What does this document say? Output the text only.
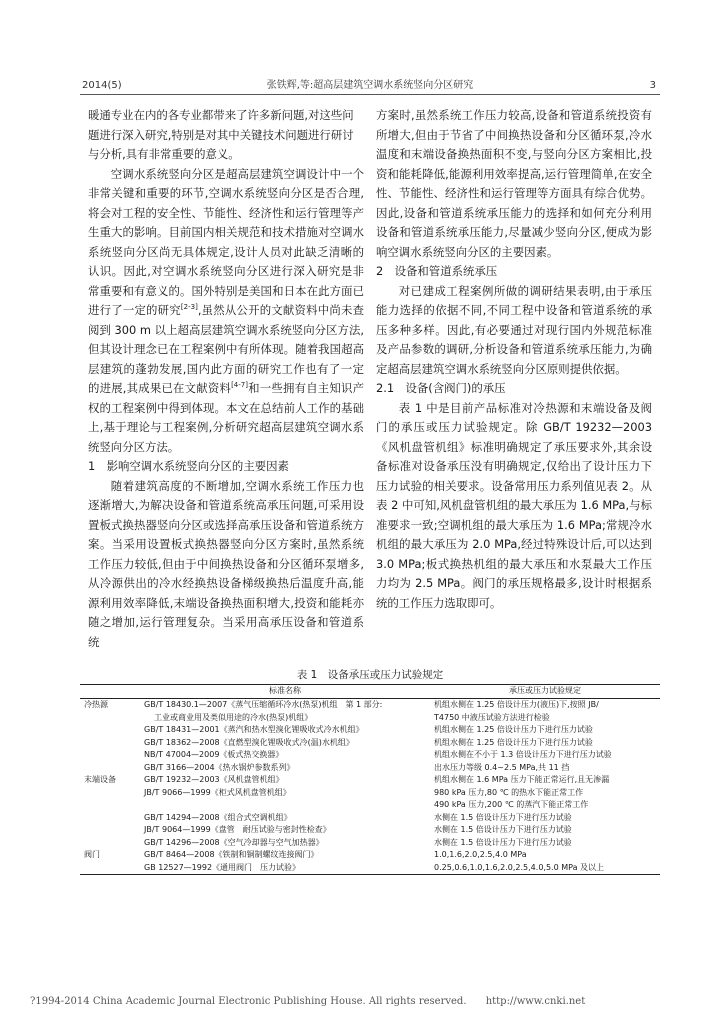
2014(5)	张铁辉,等:超高层建筑空调水系统竖向分区研究	3

暖通专业在内的各专业都带来了许多新问题,对这些问题进行深入研究,特别是对其中关键技术问题进行研讨与分析,具有非常重要的意义。

空调水系统竖向分区是超高层建筑空调设计中一个非常关键和重要的环节,空调水系统竖向分区是否合理,将会对工程的安全性、节能性、经济性和运行管理等产生重大的影响。目前国内相关规范和技术措施对空调水系统竖向分区尚无具体规定,设计人员对此缺乏清晰的认识。因此,对空调水系统竖向分区进行深入研究是非常重要和有意义的。国外特别是美国和日本在此方面已进行了一定的研究[2-3],虽然从公开的文献资料中尚未查阅到 300 m 以上超高层建筑空调水系统竖向分区方法,但其设计理念已在工程案例中有所体现。随着我国超高层建筑的蓬勃发展,国内此方面的研究工作也有了一定的进展,其成果已在文献资料[4-7]和一些拥有自主知识产权的工程案例中得到体现。本文在总结前人工作的基础上,基于理论与工程案例,分析研究超高层建筑空调水系统竖向分区方法。

1　影响空调水系统竖向分区的主要因素

随着建筑高度的不断增加,空调水系统工作压力也逐渐增大,为解决设备和管道系统高承压问题,可采用设置板式换热器竖向分区或选择高承压设备和管道系统方案。当采用设置板式换热器竖向分区方案时,虽然系统工作压力较低,但由于中间换热设备和分区循环泵增多,从冷源供出的冷水经换热设备梯级换热后温度升高,能源利用效率降低,末端设备换热面积增大,投资和能耗亦随之增加,运行管理复杂。当采用高承压设备和管道系统

方案时,虽然系统工作压力较高,设备和管道系统投资有所增大,但由于节省了中间换热设备和分区循环泵,冷水温度和末端设备换热面积不变,与竖向分区方案相比,投资和能耗降低,能源利用效率提高,运行管理简单,在安全性、节能性、经济性和运行管理等方面具有综合优势。因此,设备和管道系统承压能力的选择和如何充分利用设备和管道系统承压能力,尽量减少竖向分区,便成为影响空调水系统竖向分区的主要因素。

2　设备和管道系统承压

对已建成工程案例所做的调研结果表明,由于承压能力选择的依据不同,不同工程中设备和管道系统的承压多种多样。因此,有必要通过对现行国内外规范标准及产品参数的调研,分析设备和管道系统承压能力,为确定超高层建筑空调水系统竖向分区原则提供依据。

2.1　设备(含阀门)的承压

表 1 中是目前产品标准对冷热源和末端设备及阀门的承压或压力试验规定。除 GB/T 19232—2003《风机盘管机组》标准明确规定了承压要求外,其余设备标准对设备承压没有明确规定,仅给出了设计压力下压力试验的相关要求。设备常用压力系列值见表 2。从表 2 中可知,风机盘管机组的最大承压为 1.6 MPa,与标准要求一致;空调机组的最大承压为 1.6 MPa;常规冷水机组的最大承压为 2.0 MPa,经过特殊设计后,可以达到 3.0 MPa;板式换热机组的最大承压和水泵最大工作压力均为 2.5 MPa。阀门的承压规格最多,设计时根据系统的工作压力选取即可。

表 1　设备承压或压力试验规定
	标准名称	承压或压力试验规定
冷热源	GB/T 18430.1—2007《蒸气压缩循环冷水(热泵)机组　第 1 部分:	机组水侧在 1.25 倍设计压力(液压)下,按照 JB/
	工业或商业用及类似用途的冷水(热泵)机组》	T4750 中液压试验方法进行检验
	GB/T 18431—2001《蒸汽和热水型溴化锂吸收式冷水机组》	机组水侧在 1.25 倍设计压力下进行压力试验
	GB/T 18362—2008《直燃型溴化锂吸收式冷(温)水机组》	机组水侧在 1.25 倍设计压力下进行压力试验
	NB/T 47004—2009《板式热交换器》	机组水侧在不小于 1.3 倍设计压力下进行压力试验
	GB/T 3166—2004《热水锅炉参数系列》	出水压力等级 0.4~2.5 MPa,共 11 挡
末端设备	GB/T 19232—2003《风机盘管机组》	机组水侧在 1.6 MPa 压力下能正常运行,且无渗漏
	JB/T 9066—1999《柜式风机盘管机组》	980 kPa 压力,80 ℃ 的热水下能正常工作
		490 kPa 压力,200 ℃ 的蒸汽下能正常工作
	GB/T 14294—2008《组合式空调机组》	水侧在 1.5 倍设计压力下进行压力试验
	JB/T 9064—1999《盘管　耐压试验与密封性检查》	水侧在 1.5 倍设计压力下进行压力试验
	GB/T 14296—2008《空气冷却器与空气加热器》	水侧在 1.5 倍设计压力下进行压力试验
阀门	GB/T 8464—2008《铁制和铜制螺纹连接阀门》	1.0,1.6,2.0,2.5,4.0 MPa
	GB 12527—1992《通用阀门　压力试验》	0.25,0.6,1.0,1.6,2.0,2.5,4.0,5.0 MPa 及以上
?1994-2014 China Academic Journal Electronic Publishing House. All rights reserved. http://www.cnki.net
